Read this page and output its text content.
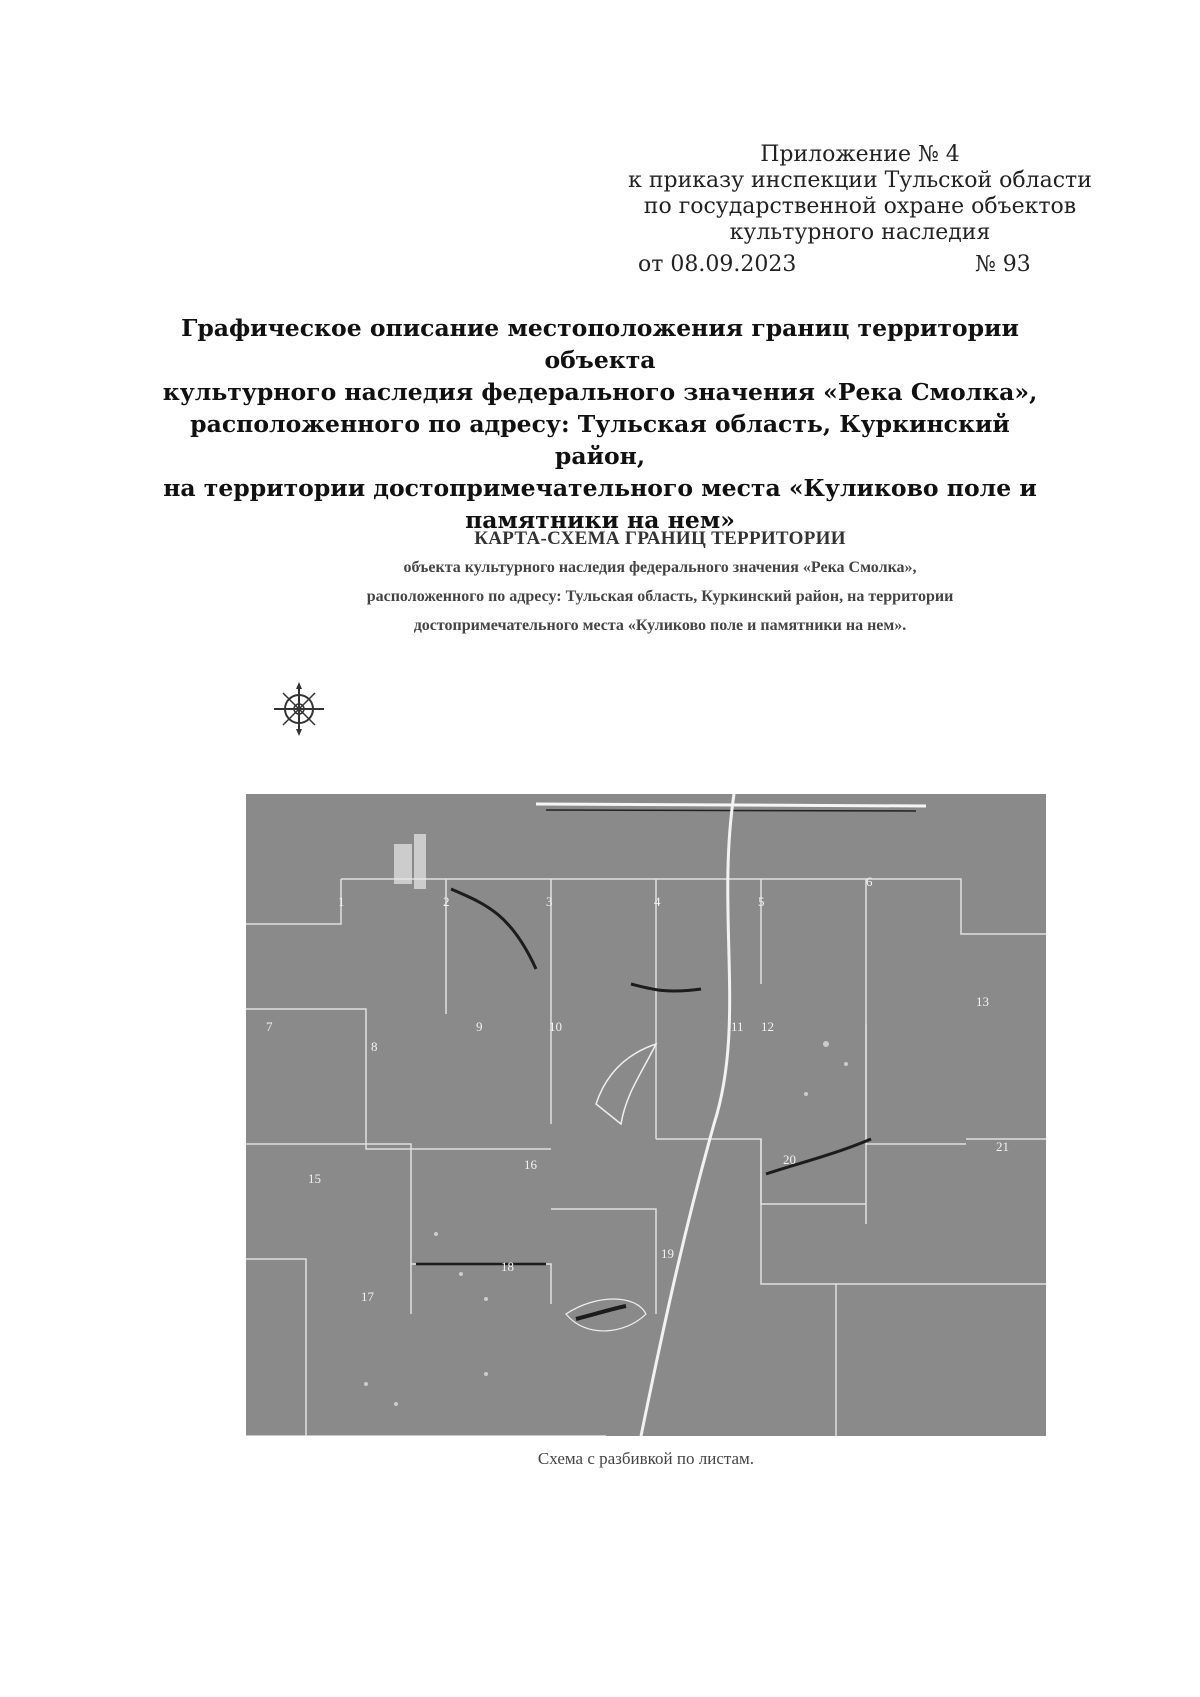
Приложение № 4
к приказу инспекции Тульской области
по государственной охране объектов
культурного наследия
от 08.09.2023	№ 93
Графическое описание местоположения границ территории объекта
культурного наследия федерального значения «Река Смолка»,
расположенного по адресу: Тульская область, Куркинский район,
на территории достопримечательного места «Куликово поле и
памятники на нем»
КАРТА-СХЕМА ГРАНИЦ ТЕРРИТОРИИ
объекта культурного наследия федерального значения «Река Смолка»,
расположенного по адресу: Тульская область, Куркинский район, на территории
достопримечательного места «Куликово поле и памятники на нем».
1	2	3	4	5
6
7
8
9	10	11 12
13
15
16
17
18
19
20
21
Схема с разбивкой по листам.
